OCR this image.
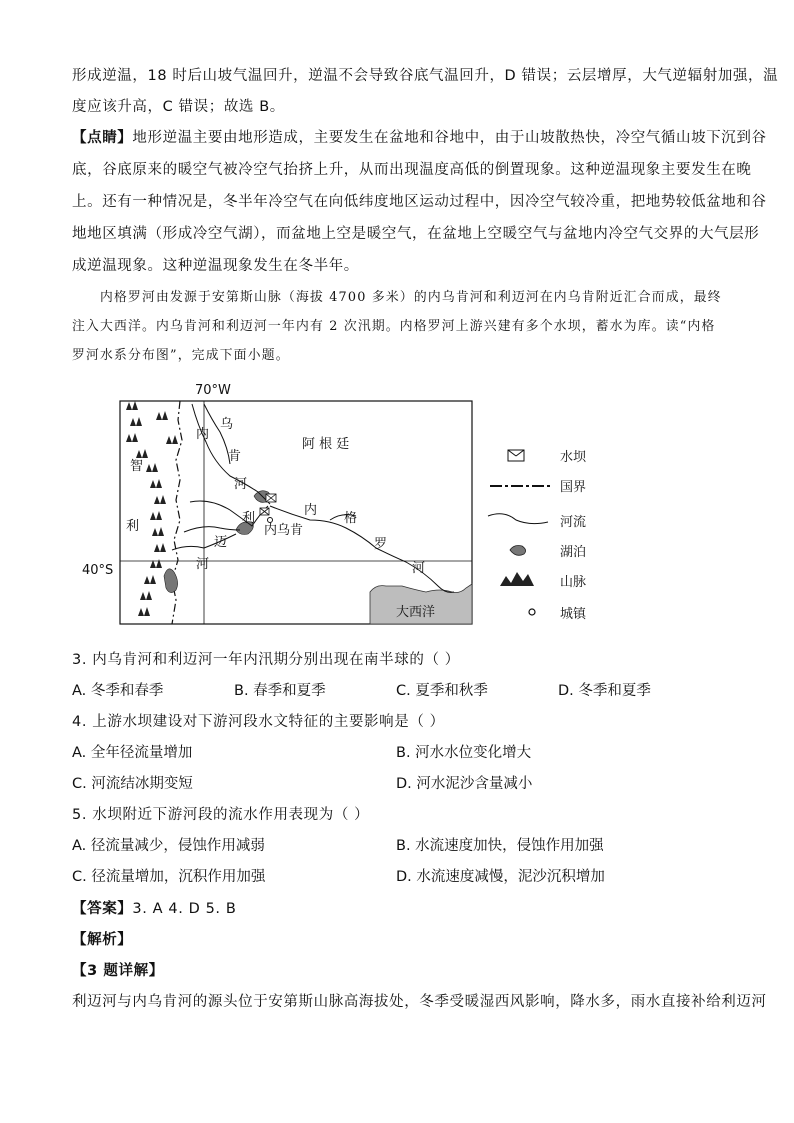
形成逆温，18 时后山坡气温回升，逆温不会导致谷底气温回升，D 错误；云层增厚，大气逆辐射加强，温
度应该升高，C 错误；故选 B。
【点睛】地形逆温主要由地形造成，主要发生在盆地和谷地中，由于山坡散热快，冷空气循山坡下沉到谷
底，谷底原来的暖空气被冷空气抬挤上升，从而出现温度高低的倒置现象。这种逆温现象主要发生在晚
上。还有一种情况是，冬半年冷空气在向低纬度地区运动过程中，因冷空气较冷重，把地势较低盆地和谷
地地区填满（形成冷空气湖），而盆地上空是暖空气，在盆地上空暖空气与盆地内冷空气交界的大气层形
成逆温现象。这种逆温现象发生在冬半年。
内格罗河由发源于安第斯山脉（海拔 4700 多米）的内乌肯河和利迈河在内乌肯附近汇合而成，最终
注入大西洋。内乌肯河和利迈河一年内有 2 次汛期。内格罗河上游兴建有多个水坝，蓄水为库。读“内格
罗河水系分布图”，完成下面小题。
70°W
40°S
大西洋
智
利
阿 根 廷
内
乌
肯
河
利
迈
河
内乌肯
内
格
罗
河
水坝
国界
河流
湖泊
山脉
城镇
3. 内乌肯河和利迈河一年内汛期分别出现在南半球的（ ）
A. 冬季和春季	B. 春季和夏季	C. 夏季和秋季	D. 冬季和夏季
4. 上游水坝建设对下游河段水文特征的主要影响是（ ）
A. 全年径流量增加	B. 河水水位变化增大
C. 河流结冰期变短	D. 河水泥沙含量减小
5. 水坝附近下游河段的流水作用表现为（ ）
A. 径流量减少，侵蚀作用减弱	B. 水流速度加快，侵蚀作用加强
C. 径流量增加，沉积作用加强	D. 水流速度减慢，泥沙沉积增加
【答案】3. A 4. D 5. B
【解析】
【3 题详解】
利迈河与内乌肯河的源头位于安第斯山脉高海拔处，冬季受暖湿西风影响，降水多，雨水直接补给利迈河
